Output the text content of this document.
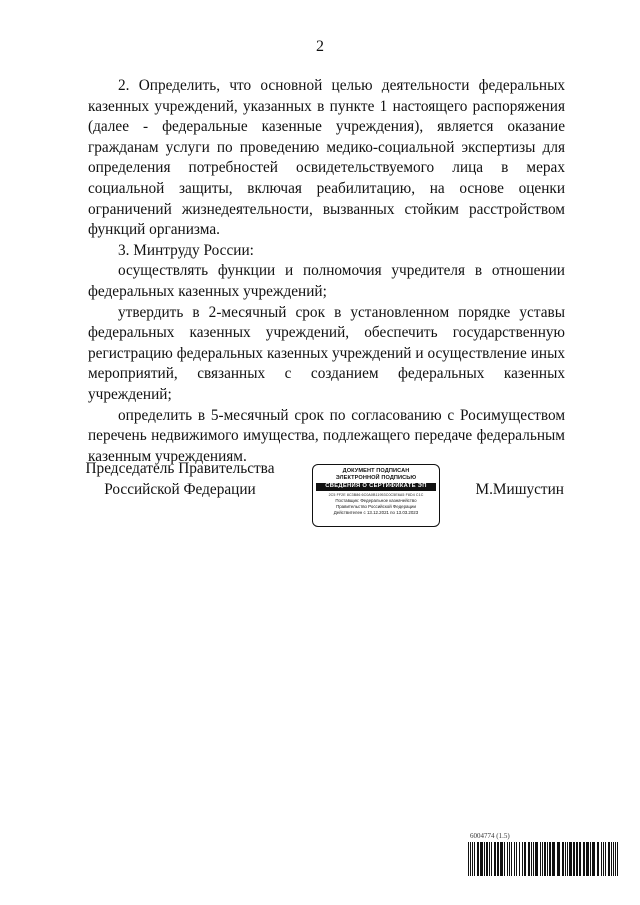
2

2. Определить, что основной целью деятельности федеральных казенных учреждений, указанных в пункте 1 настоящего распоряжения (далее - федеральные казенные учреждения), является оказание гражданам услуги по проведению медико-социальной экспертизы для определения потребностей освидетельствуемого лица в мерах социальной защиты, включая реабилитацию, на основе оценки ограничений жизнедеятельности, вызванных стойким расстройством функций организма.

3. Минтруду России:

осуществлять функции и полномочия учредителя в отношении федеральных казенных учреждений;

утвердить в 2-месячный срок в установленном порядке уставы федеральных казенных учреждений, обеспечить государственную регистрацию федеральных казенных учреждений и осуществление иных мероприятий, связанных с созданием федеральных казенных учреждений;

определить в 5-месячный срок по согласованию с Росимуществом перечень недвижимого имущества, подлежащего передаче федеральным казенным учреждениям.

Председатель Правительства
Российской Федерации
ДОКУМЕНТ ПОДПИСАН
ЭЛЕКТРОННОЙ ПОДПИСЬЮ
СВЕДЕНИЯ О СЕРТИФИКАТЕ ЭП
2C5 FF2E 8C3B86 6C0A0B11953C0C5E6A5 F8D4 C1C
Поставщик: Федеральное казначейство
Правительство Российской Федерации
Действителен с 13.12.2021 по 13.03.2023
М.Мишустин
6004774 (1.5)
